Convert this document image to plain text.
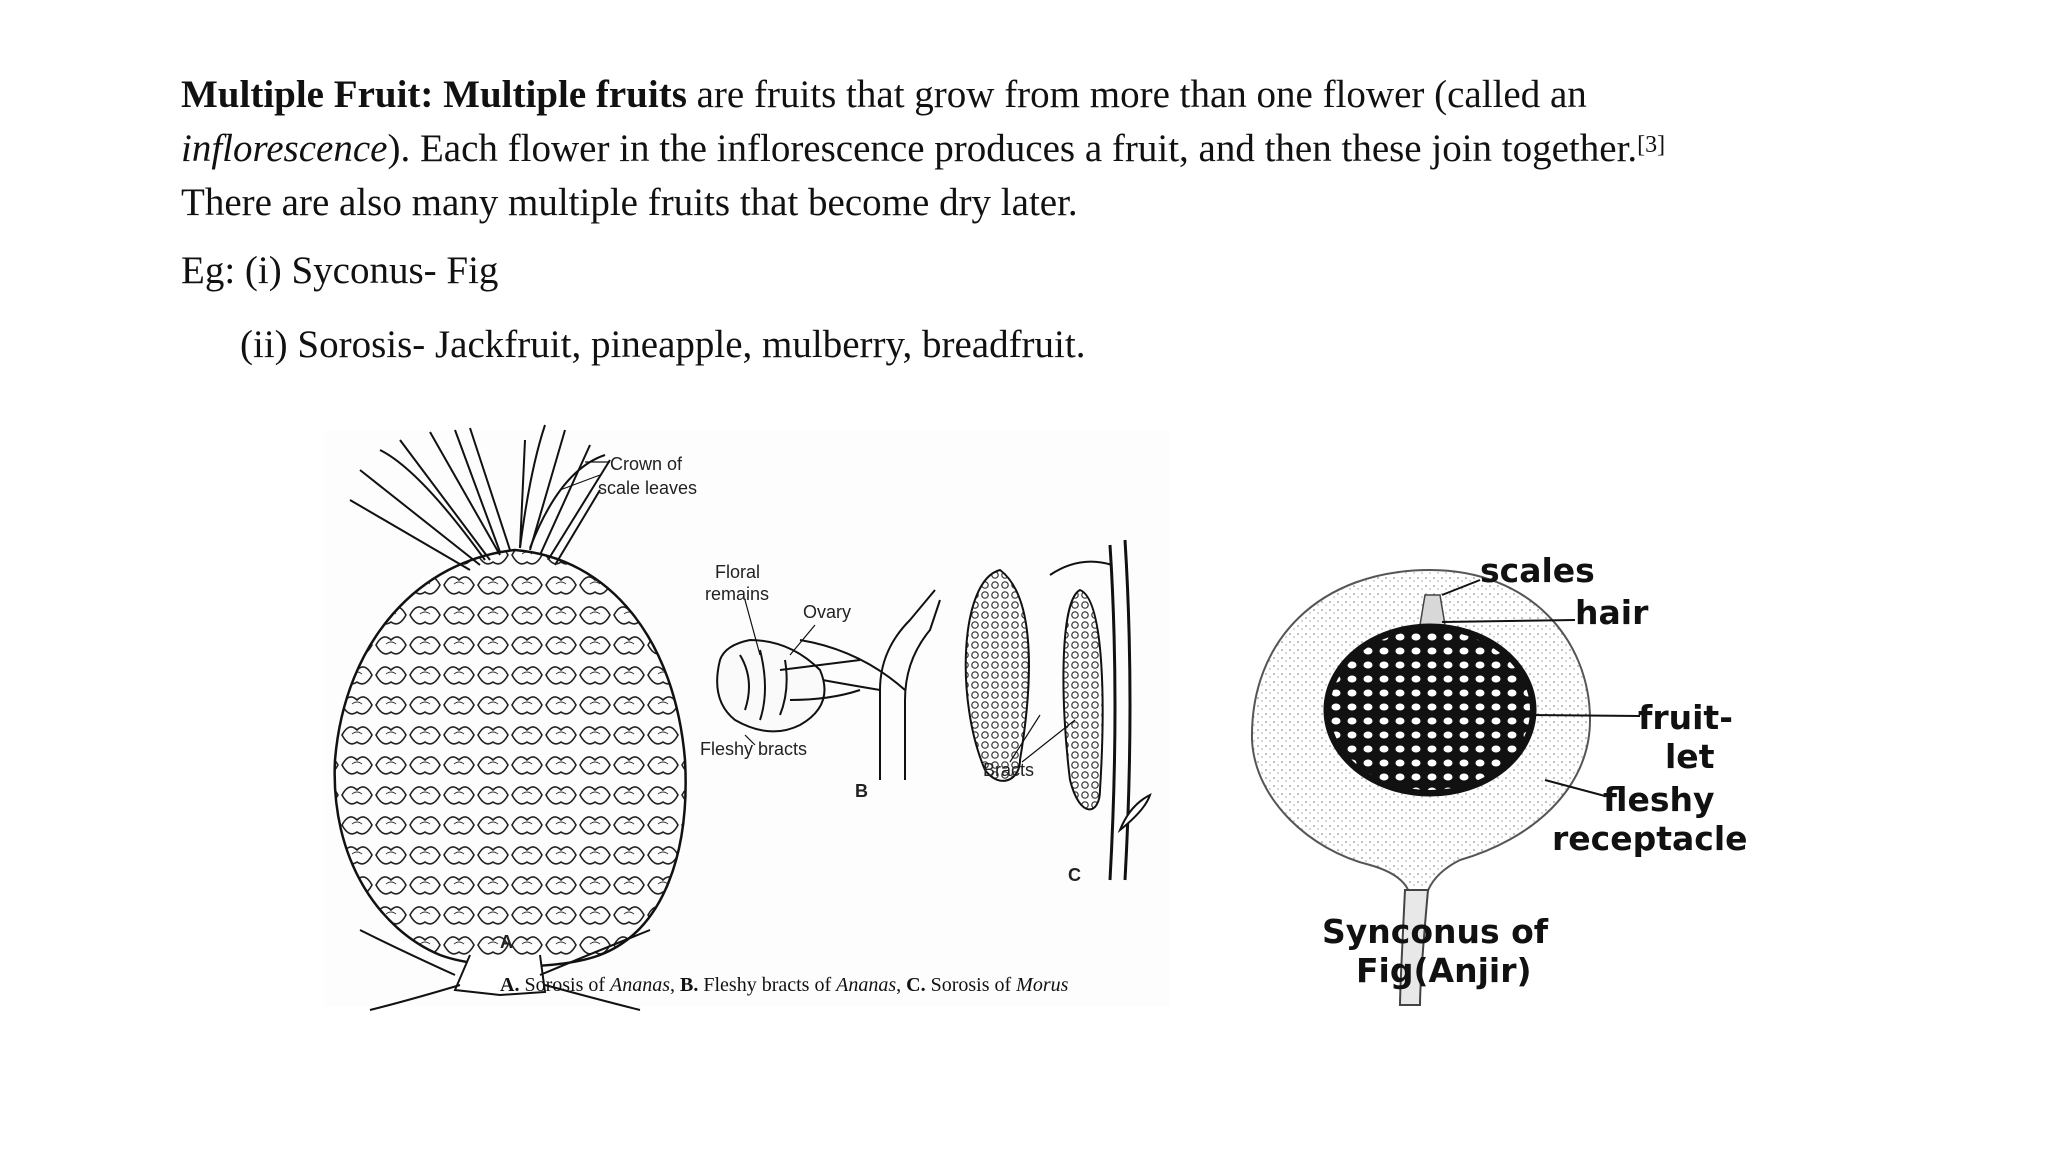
Multiple Fruit: Multiple fruits are fruits that grow from more than one flower (called an
inflorescence). Each flower in the inflorescence produces a fruit, and then these join together.[3]
There are also many multiple fruits that become dry later.
Eg: (i) Syconus- Fig
(ii) Sorosis- Jackfruit, pineapple, mulberry, breadfruit.
Crown of
scale leaves
Floral
remains
Ovary
Fleshy bracts
Bracts
A
B
C
A. Sorosis of Ananas, B. Fleshy bracts of Ananas, C. Sorosis of Morus
scales
hair
fruit-
let
fleshy
receptacle
Synconus of
Fig(Anjir)
